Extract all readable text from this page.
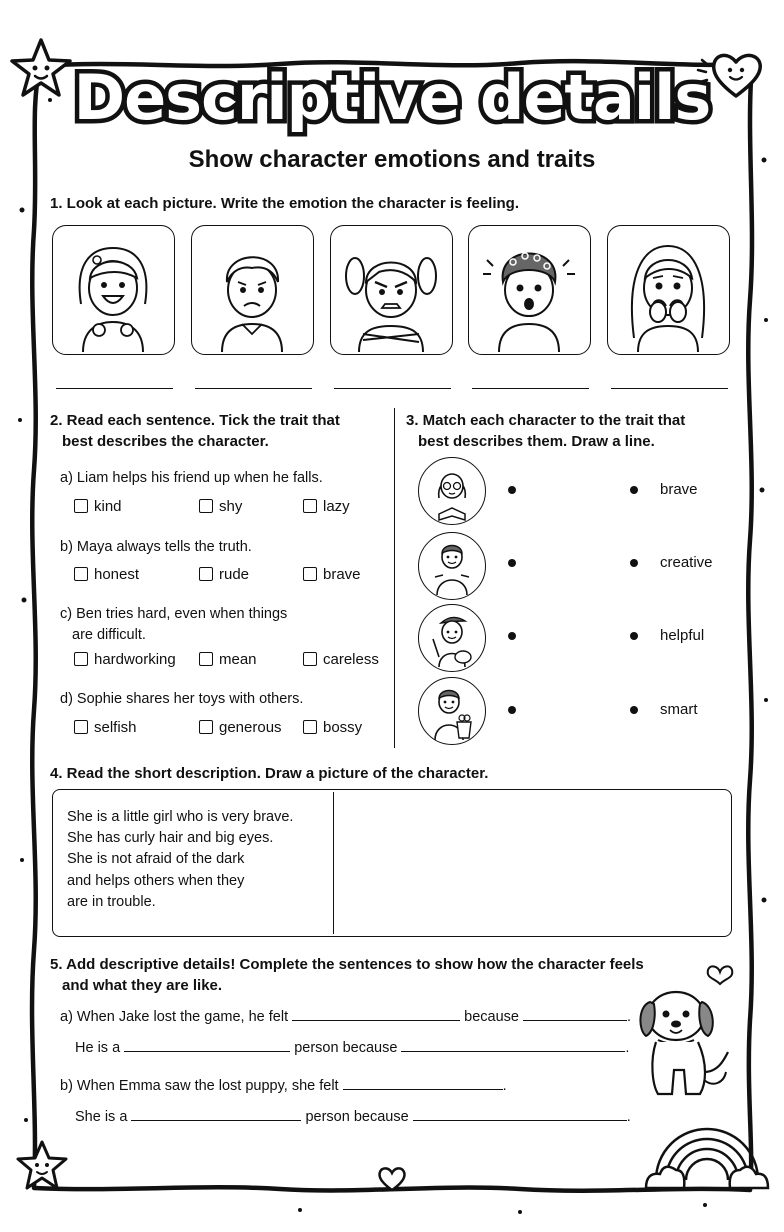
Descriptive details
Show character emotions and traits
1. Look at each picture. Write the emotion the character is feeling.
2. Read each sentence. Tick the trait that
best describes the character.
a) Liam helps his friend up when he falls.
kind	shy	lazy
b) Maya always tells the truth.
honest	rude	brave
c) Ben tries hard, even when things
are difficult.
hardworking	mean	careless
d) Sophie shares her toys with others.
selfish	generous	bossy
3. Match each character to the trait that
best describes them. Draw a line.
brave
creative
helpful
smart
4. Read the short description. Draw a picture of the character.
She is a little girl who is very brave.
She has curly hair and big eyes.
She is not afraid of the dark
and helps others when they
are in trouble.
5. Add descriptive details! Complete the sentences to show how the character feels
and what they are like.
a) When Jake lost the game, he felt	because	.
He is a	person because	.
b) When Emma saw the lost puppy, she felt	.
She is a	person because	.
